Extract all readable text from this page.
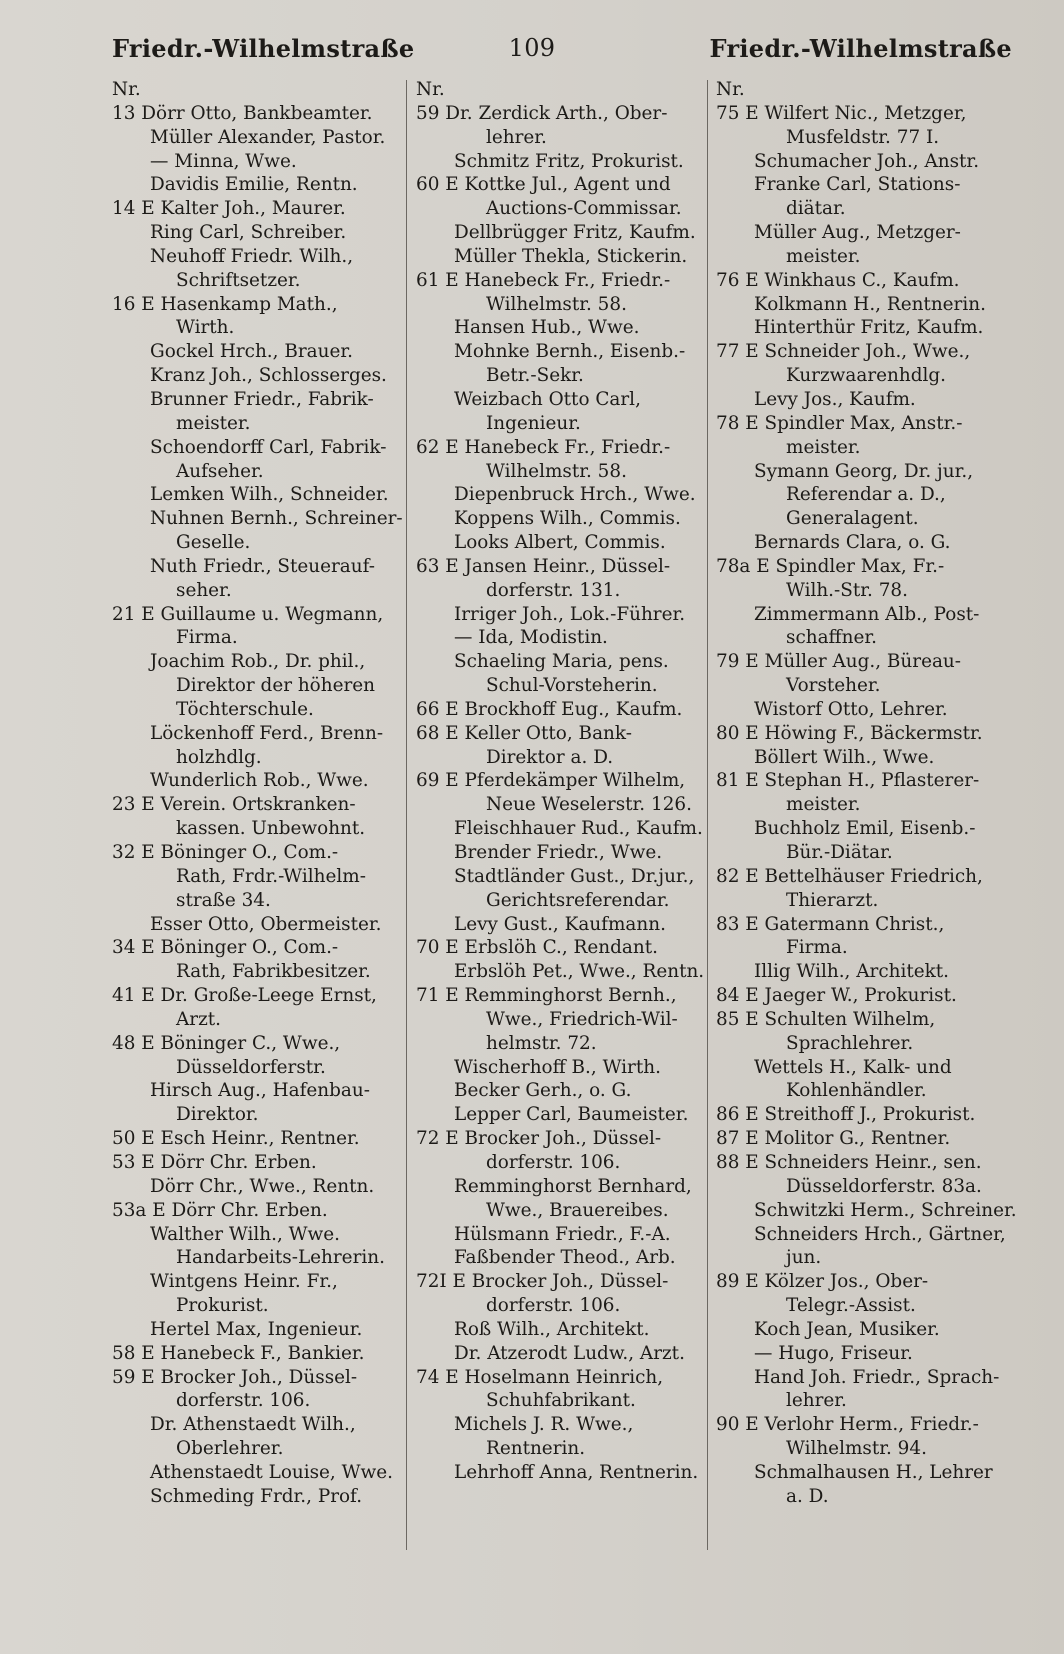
109
Friedr.-Wilhelmstraße	Friedr.-Wilhelmstraße
Nr.
13 Dörr Otto, Bankbeamter.
Müller Alexander, Pastor.
— Minna, Wwe.
Davidis Emilie, Rentn.
14 E Kalter Joh., Maurer.
Ring Carl, Schreiber.
Neuhoff Friedr. Wilh.,
Schriftsetzer.
16 E Hasenkamp Math.,
Wirth.
Gockel Hrch., Brauer.
Kranz Joh., Schlosserges.
Brunner Friedr., Fabrik-
meister.
Schoendorff Carl, Fabrik-
Aufseher.
Lemken Wilh., Schneider.
Nuhnen Bernh., Schreiner-
Geselle.
Nuth Friedr., Steuerauf-
seher.
21 E Guillaume u. Wegmann,
Firma.
Joachim Rob., Dr. phil.,
Direktor der höheren
Töchterschule.
Löckenhoff Ferd., Brenn-
holzhdlg.
Wunderlich Rob., Wwe.
23 E Verein. Ortskranken-
kassen. Unbewohnt.
32 E Böninger O., Com.-
Rath, Frdr.-Wilhelm-
straße 34.
Esser Otto, Obermeister.
34 E Böninger O., Com.-
Rath, Fabrikbesitzer.
41 E Dr. Große-Leege Ernst,
Arzt.
48 E Böninger C., Wwe.,
Düsseldorferstr.
Hirsch Aug., Hafenbau-
Direktor.
50 E Esch Heinr., Rentner.
53 E Dörr Chr. Erben.
Dörr Chr., Wwe., Rentn.
53a E Dörr Chr. Erben.
Walther Wilh., Wwe.
Handarbeits-Lehrerin.
Wintgens Heinr. Fr.,
Prokurist.
Hertel Max, Ingenieur.
58 E Hanebeck F., Bankier.
59 E Brocker Joh., Düssel-
dorferstr. 106.
Dr. Athenstaedt Wilh.,
Oberlehrer.
Athenstaedt Louise, Wwe.
Schmeding Frdr., Prof.
Nr.
59 Dr. Zerdick Arth., Ober-
lehrer.
Schmitz Fritz, Prokurist.
60 E Kottke Jul., Agent und
Auctions-Commissar.
Dellbrügger Fritz, Kaufm.
Müller Thekla, Stickerin.
61 E Hanebeck Fr., Friedr.-
Wilhelmstr. 58.
Hansen Hub., Wwe.
Mohnke Bernh., Eisenb.-
Betr.-Sekr.
Weizbach Otto Carl,
Ingenieur.
62 E Hanebeck Fr., Friedr.-
Wilhelmstr. 58.
Diepenbruck Hrch., Wwe.
Koppens Wilh., Commis.
Looks Albert, Commis.
63 E Jansen Heinr., Düssel-
dorferstr. 131.
Irriger Joh., Lok.-Führer.
— Ida, Modistin.
Schaeling Maria, pens.
Schul-Vorsteherin.
66 E Brockhoff Eug., Kaufm.
68 E Keller Otto, Bank-
Direktor a. D.
69 E Pferdekämper Wilhelm,
Neue Weselerstr. 126.
Fleischhauer Rud., Kaufm.
Brender Friedr., Wwe.
Stadtländer Gust., Dr.jur.,
Gerichtsreferendar.
Levy Gust., Kaufmann.
70 E Erbslöh C., Rendant.
Erbslöh Pet., Wwe., Rentn.
71 E Remminghorst Bernh.,
Wwe., Friedrich-Wil-
helmstr. 72.
Wischerhoff B., Wirth.
Becker Gerh., o. G.
Lepper Carl, Baumeister.
72 E Brocker Joh., Düssel-
dorferstr. 106.
Remminghorst Bernhard,
Wwe., Brauereibes.
Hülsmann Friedr., F.-A.
Faßbender Theod., Arb.
72I E Brocker Joh., Düssel-
dorferstr. 106.
Roß Wilh., Architekt.
Dr. Atzerodt Ludw., Arzt.
74 E Hoselmann Heinrich,
Schuhfabrikant.
Michels J. R. Wwe.,
Rentnerin.
Lehrhoff Anna, Rentnerin.
Nr.
75 E Wilfert Nic., Metzger,
Musfeldstr. 77 I.
Schumacher Joh., Anstr.
Franke Carl, Stations-
diätar.
Müller Aug., Metzger-
meister.
76 E Winkhaus C., Kaufm.
Kolkmann H., Rentnerin.
Hinterthür Fritz, Kaufm.
77 E Schneider Joh., Wwe.,
Kurzwaarenhdlg.
Levy Jos., Kaufm.
78 E Spindler Max, Anstr.-
meister.
Symann Georg, Dr. jur.,
Referendar a. D.,
Generalagent.
Bernards Clara, o. G.
78a E Spindler Max, Fr.-
Wilh.-Str. 78.
Zimmermann Alb., Post-
schaffner.
79 E Müller Aug., Büreau-
Vorsteher.
Wistorf Otto, Lehrer.
80 E Höwing F., Bäckermstr.
Böllert Wilh., Wwe.
81 E Stephan H., Pflasterer-
meister.
Buchholz Emil, Eisenb.-
Bür.-Diätar.
82 E Bettelhäuser Friedrich,
Thierarzt.
83 E Gatermann Christ.,
Firma.
Illig Wilh., Architekt.
84 E Jaeger W., Prokurist.
85 E Schulten Wilhelm,
Sprachlehrer.
Wettels H., Kalk- und
Kohlenhändler.
86 E Streithoff J., Prokurist.
87 E Molitor G., Rentner.
88 E Schneiders Heinr., sen.
Düsseldorferstr. 83a.
Schwitzki Herm., Schreiner.
Schneiders Hrch., Gärtner,
jun.
89 E Kölzer Jos., Ober-
Telegr.-Assist.
Koch Jean, Musiker.
— Hugo, Friseur.
Hand Joh. Friedr., Sprach-
lehrer.
90 E Verlohr Herm., Friedr.-
Wilhelmstr. 94.
Schmalhausen H., Lehrer
a. D.
